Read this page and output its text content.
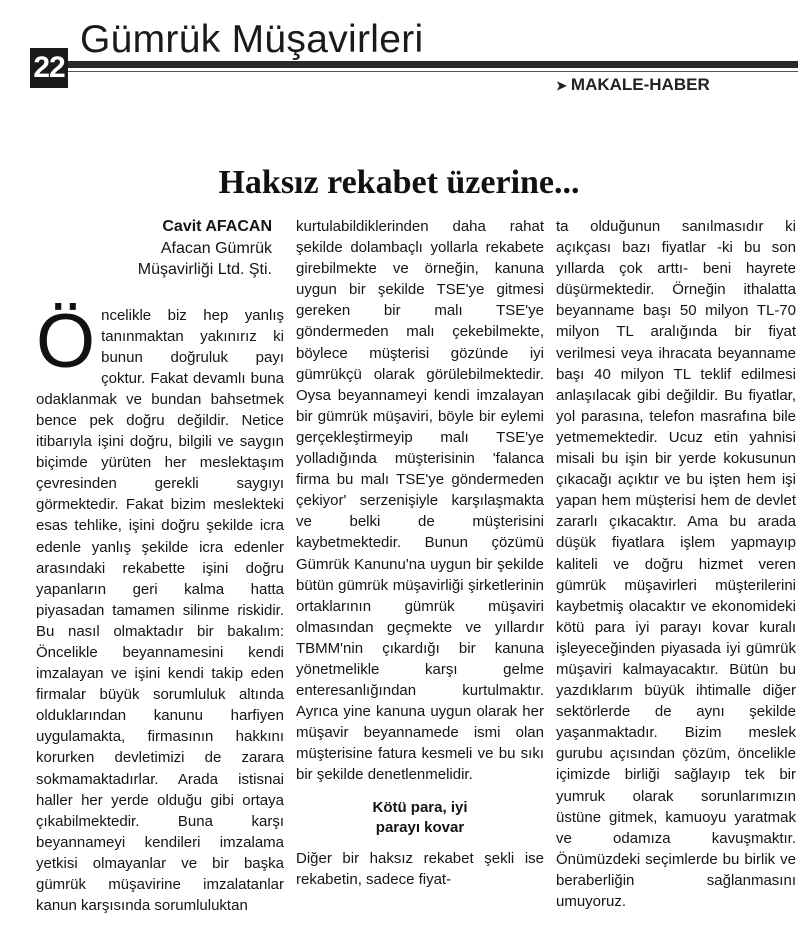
22
Gümrük Müşavirleri
➤ MAKALE-HABER
Haksız rekabet üzerine...
Cavit AFACAN
Afacan Gümrük
Müşavirliği Ltd. Şti.

Öncelikle biz hep yanlış tanınmaktan yakınırız ki bunun doğruluk payı çoktur. Fakat devamlı buna odaklanmak ve bundan bahsetmek bence pek doğru değildir. Netice itibarıyla işini doğru, bilgili ve saygın biçimde yürüten her meslektaşım çevresinden gerekli saygıyı görmektedir. Fakat bizim meslekteki esas tehlike, işini doğru şekilde icra edenle yanlış şekilde icra edenler arasındaki rekabette işini doğru yapanların geri kalma hatta piyasadan tamamen silinme riskidir. Bu nasıl olmaktadır bir bakalım: Öncelikle beyannamesini kendi imzalayan ve işini kendi takip eden firmalar büyük sorumluluk altında olduklarından kanunu harfiyen uygulamakta, firmasının hakkını korurken devletimizi de zarara sokmamaktadırlar. Arada istisnai haller her yerde olduğu gibi ortaya çıkabilmektedir. Buna karşı beyannameyi kendileri imzalama yetkisi olmayanlar ve bir başka gümrük müşavirine imzalatanlar kanun karşısında sorumluluktan

kurtulabildiklerinden daha rahat şekilde dolambaçlı yollarla rekabete girebilmekte ve örneğin, kanuna uygun bir şekilde TSE'ye gitmesi gereken bir malı TSE'ye göndermeden malı çekebilmekte, böylece müşterisi gözünde iyi gümrükçü olarak görülebilmektedir. Oysa beyannameyi kendi imzalayan bir gümrük müşaviri, böyle bir eylemi gerçekleştirmeyip malı TSE'ye yolladığında müşterisinin 'falanca firma bu malı TSE'ye göndermeden çekiyor' serzenişiyle karşılaşmakta ve belki de müşterisini kaybetmektedir. Bunun çözümü Gümrük Kanunu'na uygun bir şekilde bütün gümrük müşavirliği şirketlerinin ortaklarının gümrük müşaviri olmasından geçmekte ve yıllardır TBMM'nin çıkardığı bir kanuna yönetmelikle karşı gelme enteresanlığından kurtulmaktır. Ayrıca yine kanuna uygun olarak her müşavir beyannamede ismi olan müşterisine fatura kesmeli ve bu sıkı bir şekilde denetlenmelidir.

Kötü para, iyi
parayı kovar

Diğer bir haksız rekabet şekli ise rekabetin, sadece fiyat-

ta olduğunun sanılmasıdır ki açıkçası bazı fiyatlar -ki bu son yıllarda çok arttı- beni hayrete düşürmektedir. Örneğin ithalatta beyanname başı 50 milyon TL-70 milyon TL aralığında bir fiyat verilmesi veya ihracata beyanname başı 40 milyon TL teklif edilmesi anlaşılacak gibi değildir. Bu fiyatlar, yol parasına, telefon masrafına bile yetmemektedir. Ucuz etin yahnisi misali bu işin bir yerde kokusunun çıkacağı açıktır ve bu işten hem işi yapan hem müşterisi hem de devlet zararlı çıkacaktır. Ama bu arada düşük fiyatlara işlem yapmayıp kaliteli ve doğru hizmet veren gümrük müşavirleri müşterilerini kaybetmiş olacaktır ve ekonomideki kötü para iyi parayı kovar kuralı işleyeceğinden piyasada iyi gümrük müşaviri kalmayacaktır. Bütün bu yazdıklarım büyük ihtimalle diğer sektörlerde de aynı şekilde yaşanmaktadır. Bizim meslek gurubu açısından çözüm, öncelikle içimizde birliği sağlayıp tek bir yumruk olarak sorunlarımızın üstüne gitmek, kamuoyu yaratmak ve odamıza kavuşmaktır. Önümüzdeki seçimlerde bu birlik ve beraberliğin sağlanmasını umuyoruz.
